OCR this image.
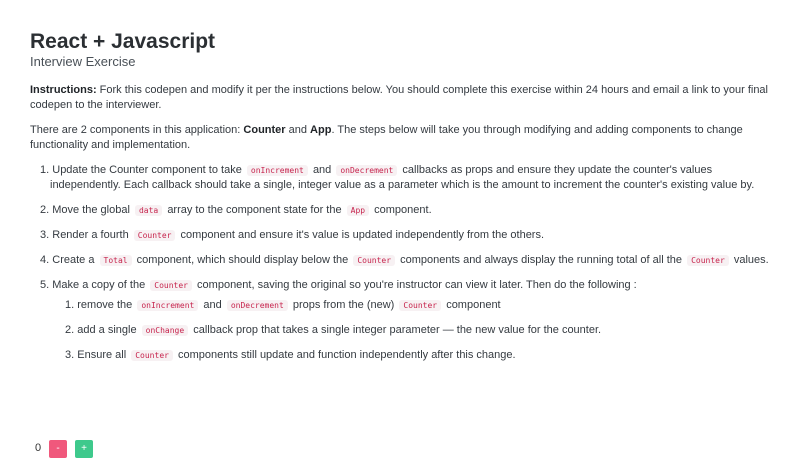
React + Javascript
Interview Exercise

Instructions: Fork this codepen and modify it per the instructions below. You should complete this exercise within 24 hours and email a link to your final codepen to the interviewer.

There are 2 components in this application: Counter and App. The steps below will take you through modifying and adding components to change functionality and implementation.

1. Update the Counter component to take onIncrement and onDecrement callbacks as props and ensure they update the counter's values independently. Each callback should take a single, integer value as a parameter which is the amount to increment the counter's existing value by.
2. Move the global data array to the component state for the App component.
3. Render a fourth Counter component and ensure it's value is updated independently from the others.
4. Create a Total component, which should display below the Counter components and always display the running total of all the Counter values.
5. Make a copy of the Counter component, saving the original so you're instructor can view it later. Then do the following :
1. remove the onIncrement and onDecrement props from the (new) Counter component
2. add a single onChange callback prop that takes a single integer parameter — the new value for the counter.
3. Ensure all Counter components still update and function independently after this change.
0	-	+
